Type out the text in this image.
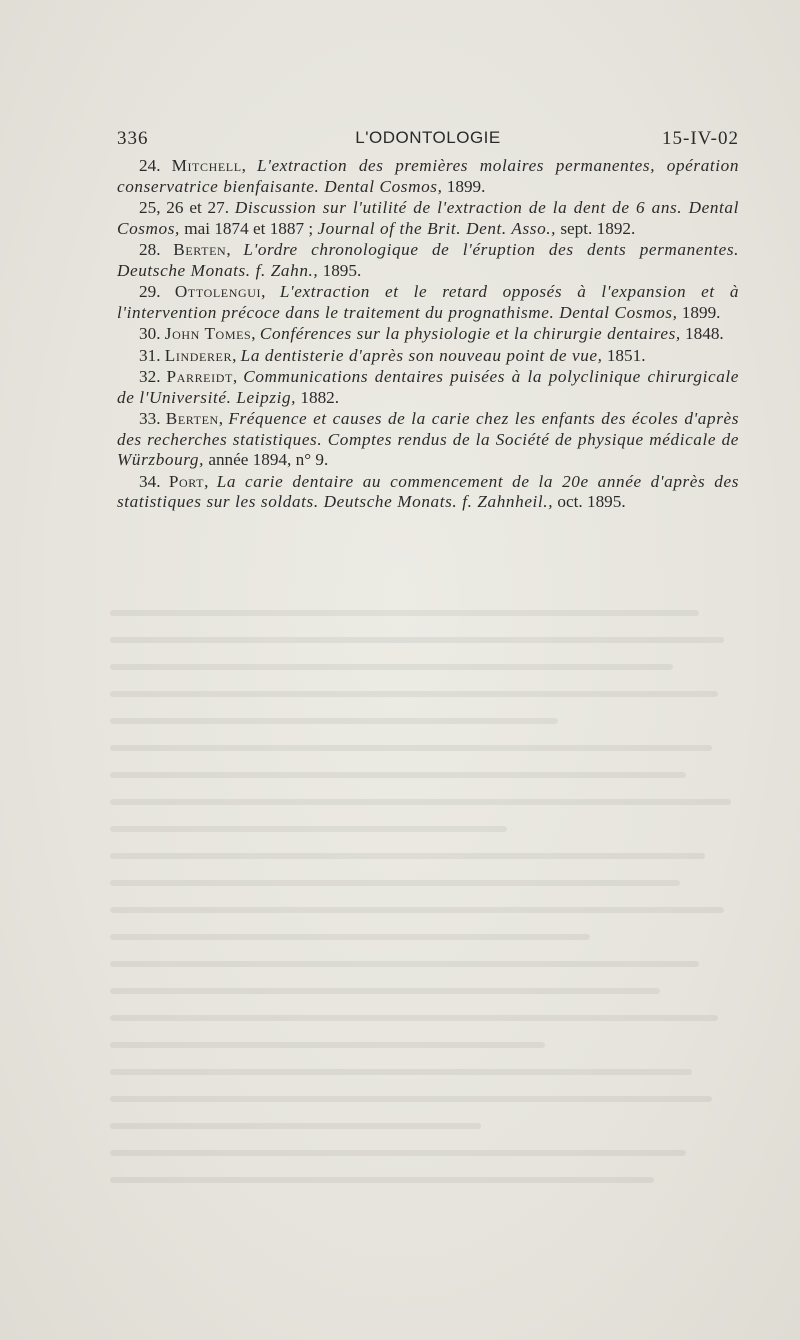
336	L'ODONTOLOGIE	15-IV-02

24. Mitchell, L'extraction des premières molaires permanentes, opération conservatrice bienfaisante. Dental Cosmos, 1899.

25, 26 et 27. Discussion sur l'utilité de l'extraction de la dent de 6 ans. Dental Cosmos, mai 1874 et 1887 ; Journal of the Brit. Dent. Asso., sept. 1892.

28. Berten, L'ordre chronologique de l'éruption des dents permanentes. Deutsche Monats. f. Zahn., 1895.

29. Ottolengui, L'extraction et le retard opposés à l'expansion et à l'intervention précoce dans le traitement du prognathisme. Dental Cosmos, 1899.

30. John Tomes, Conférences sur la physiologie et la chirurgie dentaires, 1848.

31. Linderer, La dentisterie d'après son nouveau point de vue, 1851.

32. Parreidt, Communications dentaires puisées à la polyclinique chirurgicale de l'Université. Leipzig, 1882.

33. Berten, Fréquence et causes de la carie chez les enfants des écoles d'après des recherches statistiques. Comptes rendus de la Société de physique médicale de Würzbourg, année 1894, n° 9.

34. Port, La carie dentaire au commencement de la 20e année d'après des statistiques sur les soldats. Deutsche Monats. f. Zahnheil., oct. 1895.
